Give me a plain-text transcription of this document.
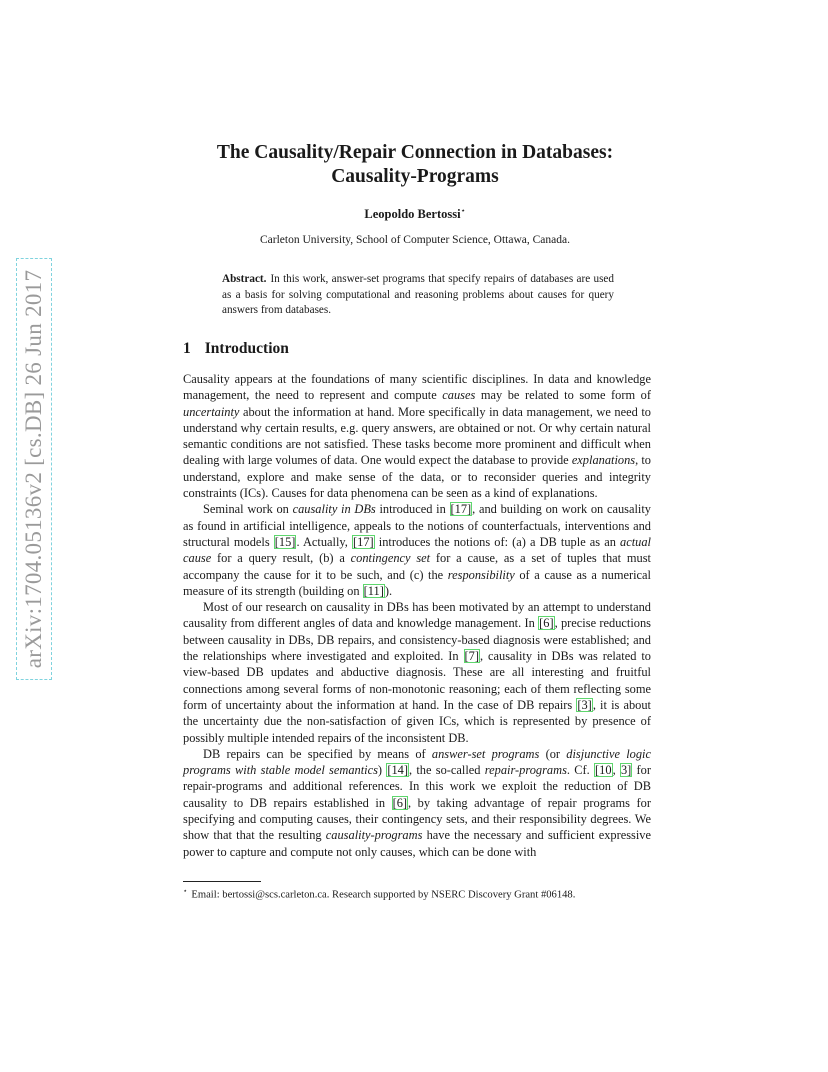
arXiv:1704.05136v2 [cs.DB] 26 Jun 2017
The Causality/Repair Connection in Databases:
Causality-Programs
Leopoldo Bertossi⋆
Carleton University, School of Computer Science, Ottawa, Canada.
Abstract. In this work, answer-set programs that specify repairs of databases are used as a basis for solving computational and reasoning problems about causes for query answers from databases.
1 Introduction

Causality appears at the foundations of many scientific disciplines. In data and knowledge management, the need to represent and compute causes may be related to some form of uncertainty about the information at hand. More specifically in data management, we need to understand why certain results, e.g. query answers, are obtained or not. Or why certain natural semantic conditions are not satisfied. These tasks become more prominent and difficult when dealing with large volumes of data. One would expect the database to provide explanations, to understand, explore and make sense of the data, or to reconsider queries and integrity constraints (ICs). Causes for data phenomena can be seen as a kind of explanations.

Seminal work on causality in DBs introduced in [17], and building on work on causality as found in artificial intelligence, appeals to the notions of counterfactuals, interventions and structural models [15]. Actually, [17] introduces the notions of: (a) a DB tuple as an actual cause for a query result, (b) a contingency set for a cause, as a set of tuples that must accompany the cause for it to be such, and (c) the responsibility of a cause as a numerical measure of its strength (building on [11]).

Most of our research on causality in DBs has been motivated by an attempt to understand causality from different angles of data and knowledge management. In [6], precise reductions between causality in DBs, DB repairs, and consistency-based diagnosis were established; and the relationships where investigated and exploited. In [7], causality in DBs was related to view-based DB updates and abductive diagnosis. These are all interesting and fruitful connections among several forms of non-monotonic reasoning; each of them reflecting some form of uncertainty about the information at hand. In the case of DB repairs [3], it is about the uncertainty due the non-satisfaction of given ICs, which is represented by presence of possibly multiple intended repairs of the inconsistent DB.

DB repairs can be specified by means of answer-set programs (or disjunctive logic programs with stable model semantics) [14], the so-called repair-programs. Cf. [10, 3] for repair-programs and additional references. In this work we exploit the reduction of DB causality to DB repairs established in [6], by taking advantage of repair programs for specifying and computing causes, their contingency sets, and their responsibility degrees. We show that that the resulting causality-programs have the necessary and sufficient expressive power to capture and compute not only causes, which can be done with

⋆ Email: bertossi@scs.carleton.ca. Research supported by NSERC Discovery Grant #06148.
